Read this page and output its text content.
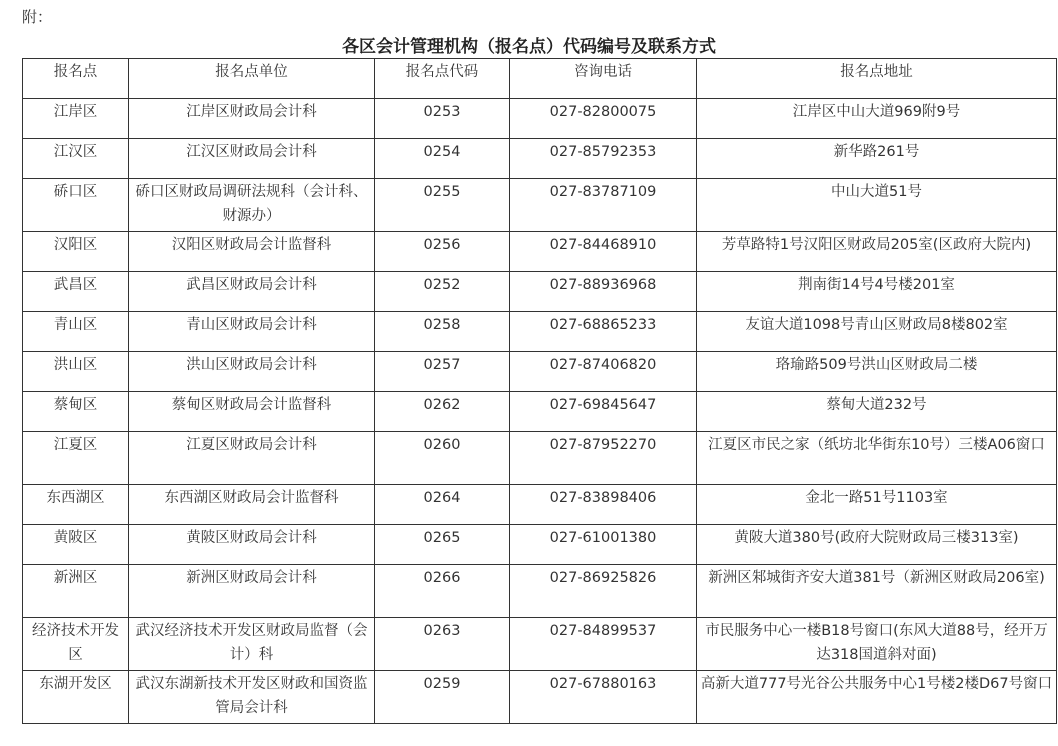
附：
各区会计管理机构（报名点）代码编号及联系方式
报名点	报名点单位	报名点代码	咨询电话	报名点地址
江岸区	江岸区财政局会计科	0253	027-82800075	江岸区中山大道969附9号
江汉区	江汉区财政局会计科	0254	027-85792353	新华路261号
硚口区	硚口区财政局调研法规科（会计科、财源办）	0255	027-83787109	中山大道51号
汉阳区	汉阳区财政局会计监督科	0256	027-84468910	芳草路特1号汉阳区财政局205室(区政府大院内)
武昌区	武昌区财政局会计科	0252	027-88936968	荆南街14号4号楼201室
青山区	青山区财政局会计科	0258	027-68865233	友谊大道1098号青山区财政局8楼802室
洪山区	洪山区财政局会计科	0257	027-87406820	珞瑜路509号洪山区财政局二楼
蔡甸区	蔡甸区财政局会计监督科	0262	027-69845647	蔡甸大道232号
江夏区	江夏区财政局会计科	0260	027-87952270	江夏区市民之家（纸坊北华街东10号）三楼A06窗口
东西湖区	东西湖区财政局会计监督科	0264	027-83898406	金北一路51号1103室
黄陂区	黄陂区财政局会计科	0265	027-61001380	黄陂大道380号(政府大院财政局三楼313室)
新洲区	新洲区财政局会计科	0266	027-86925826	新洲区邾城街齐安大道381号（新洲区财政局206室)
经济技术开发区	武汉经济技术开发区财政局监督（会计）科	0263	027-84899537	市民服务中心一楼B18号窗口(东风大道88号，经开万达318国道斜对面)
东湖开发区	武汉东湖新技术开发区财政和国资监管局会计科	0259	027-67880163	高新大道777号光谷公共服务中心1号楼2楼D67号窗口
